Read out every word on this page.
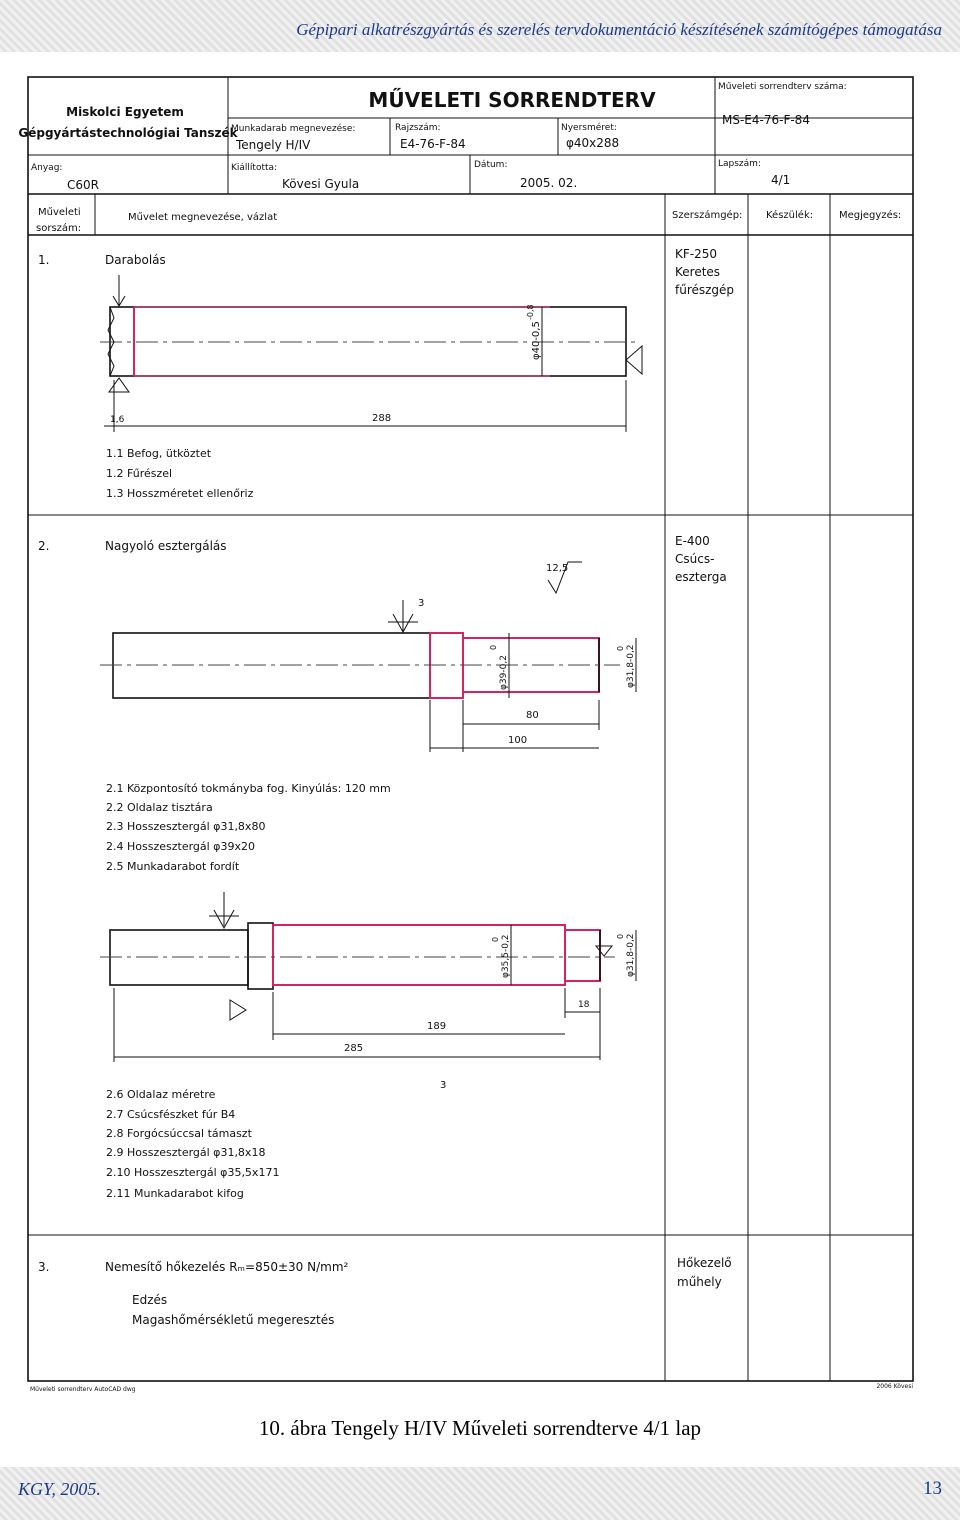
Gépipari alkatrészgyártás és szerelés tervdokumentáció készítésének számítógépes támogatása
Miskolci Egyetem
Gépgyártástechnológiai Tanszék
MŰVELETI SORRENDTERV
Műveleti sorrendterv száma:
MS-E4-76-F-84
Munkadarab megnevezése:
Tengely H/IV
Rajzszám:
E4-76-F-84
Nyersméret:
φ40x288
Anyag:
C60R
Kiállította:
Kövesi Gyula
Dátum:
2005. 02.
Lapszám:
4/1
Műveleti
sorszám:
Művelet megnevezése, vázlat	Szerszámgép: Készülék:	Megjegyzés:
1.	Darabolás	KF-250
Keretes
fűrészgép
288
1,6
φ40-0,5
-0,8
1.1 Befog, ütköztet
1.2 Fűrészel
1.3 Hosszméretet ellenőriz
2.	Nagyoló esztergálás	E-400
Csúcs-
esztergа
12,5
3
80
100
φ39-0,2
0	φ31,8-0,2
0
2.1 Központosító tokmányba fog. Kinyúlás: 120 mm
2.2 Oldalaz tisztára
2.3 Hosszesztergál φ31,8x80
2.4 Hosszesztergál φ39x20
2.5 Munkadarabot fordít
18
189
285
φ35,5-0,2
0	φ31,8-0,2
0
3
2.6 Oldalaz méretre
2.7 Csúcsfészket fúr B4
2.8 Forgócsúccsal támaszt
2.9 Hosszesztergál φ31,8x18
2.10 Hosszesztergál φ35,5x171
2.11 Munkadarabot kifog
3.	Nemesítő hőkezelés Rₘ=850±30 N/mm²	Hőkezelő
műhely
Edzés
Magashőmérsékletű megeresztés
Műveleti sorrendterv AutoCAD dwg	2006 Kövesi
10. ábra Tengely H/IV Műveleti sorrendterve 4/1 lap
KGY, 2005.	13
